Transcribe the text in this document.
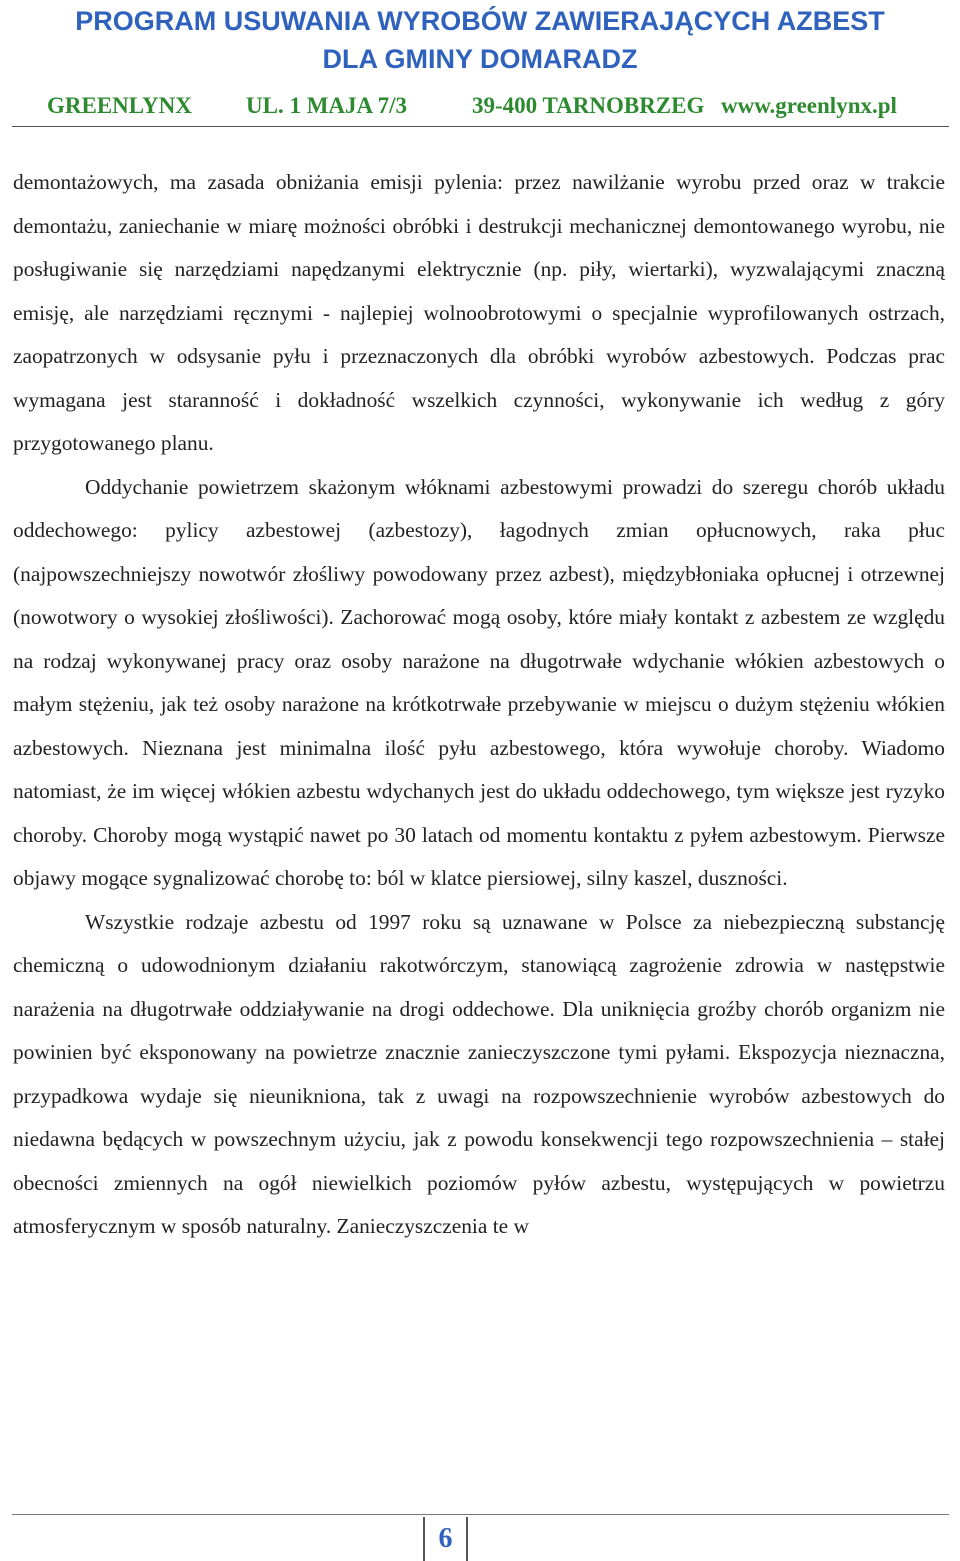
PROGRAM USUWANIA WYROBÓW ZAWIERAJĄCYCH AZBEST
DLA GMINY DOMARADZ
GREENLYNX UL. 1 MAJA 7/3	39-400 TARNOBRZEG www.greenlynx.pl

demontażowych, ma zasada obniżania emisji pylenia: przez nawilżanie wyrobu przed oraz w trakcie demontażu, zaniechanie w miarę możności obróbki i destrukcji mechanicznej demontowanego wyrobu, nie posługiwanie się narzędziami napędzanymi elektrycznie (np. piły, wiertarki), wyzwalającymi znaczną emisję, ale narzędziami ręcznymi - najlepiej wolnoobrotowymi o specjalnie wyprofilowanych ostrzach, zaopatrzonych w odsysanie pyłu i przeznaczonych dla obróbki wyrobów azbestowych. Podczas prac wymagana jest staranność i dokładność wszelkich czynności, wykonywanie ich według z góry przygotowanego planu.

Oddychanie powietrzem skażonym włóknami azbestowymi prowadzi do szeregu chorób układu oddechowego: pylicy azbestowej (azbestozy), łagodnych zmian opłucnowych, raka płuc (najpowszechniejszy nowotwór złośliwy powodowany przez azbest), międzybłoniaka opłucnej i otrzewnej (nowotwory o wysokiej złośliwości). Zachorować mogą osoby, które miały kontakt z azbestem ze względu na rodzaj wykonywanej pracy oraz osoby narażone na długotrwałe wdychanie włókien azbestowych o małym stężeniu, jak też osoby narażone na krótkotrwałe przebywanie w miejscu o dużym stężeniu włókien azbestowych. Nieznana jest minimalna ilość pyłu azbestowego, która wywołuje choroby. Wiadomo natomiast, że im więcej włókien azbestu wdychanych jest do układu oddechowego, tym większe jest ryzyko choroby. Choroby mogą wystąpić nawet po 30 latach od momentu kontaktu z pyłem azbestowym. Pierwsze objawy mogące sygnalizować chorobę to: ból w klatce piersiowej, silny kaszel, duszności.

Wszystkie rodzaje azbestu od 1997 roku są uznawane w Polsce za niebezpieczną substancję chemiczną o udowodnionym działaniu rakotwórczym, stanowiącą zagrożenie zdrowia w następstwie narażenia na długotrwałe oddziaływanie na drogi oddechowe. Dla uniknięcia groźby chorób organizm nie powinien być eksponowany na powietrze znacznie zanieczyszczone tymi pyłami. Ekspozycja nieznaczna, przypadkowa wydaje się nieunikniona, tak z uwagi na rozpowszechnienie wyrobów azbestowych do niedawna będących w powszechnym użyciu, jak z powodu konsekwencji tego rozpowszechnienia – stałej obecności zmiennych na ogół niewielkich poziomów pyłów azbestu, występujących w powietrzu atmosferycznym w sposób naturalny. Zanieczyszczenia te w

6
